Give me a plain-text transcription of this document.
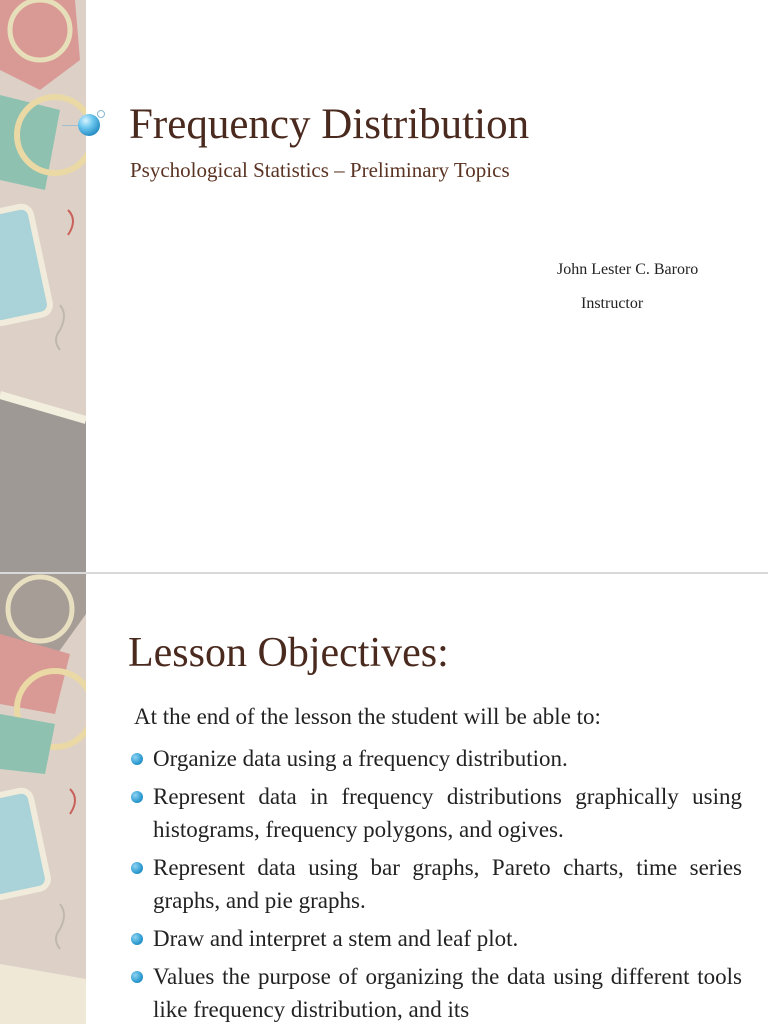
Frequency Distribution
Psychological Statistics – Preliminary Topics
John Lester C. Baroro
Instructor
Lesson Objectives:
At the end of the lesson the student will be able to:
Organize data using a frequency distribution.
Represent data in frequency distributions graphically using histograms, frequency polygons, and ogives.
Represent data using bar graphs, Pareto charts, time series graphs, and pie graphs.
Draw and interpret a stem and leaf plot.
Values the purpose of organizing the data using different tools like frequency distribution, and its
